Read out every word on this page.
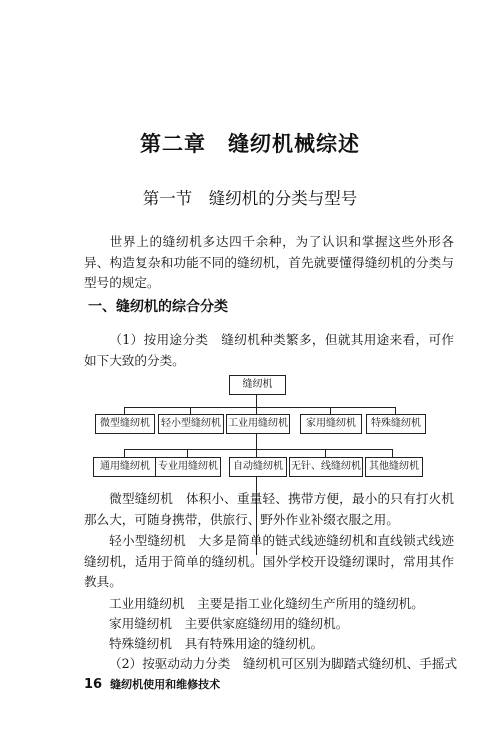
第二章　缝纫机械综述
第一节　缝纫机的分类与型号
世界上的缝纫机多达四千余种，为了认识和掌握这些外形各异、构造复杂和功能不同的缝纫机，首先就要懂得缝纫机的分类与型号的规定。
一、缝纫机的综合分类
（1）按用途分类　缝纫机种类繁多，但就其用途来看，可作如下大致的分类。
缝纫机
微型缝纫机	轻小型缝纫机 工业用缝纫机	家用缝纫机	特殊缝纫机
通用缝纫机 专业用缝纫机	自动缝纫机 无针、线缝纫机 其他缝纫机
微型缝纫机　体积小、重量轻、携带方便，最小的只有打火机那么大，可随身携带，供旅行、野外作业补缀衣服之用。
轻小型缝纫机　大多是简单的链式线迹缝纫机和直线锁式线迹缝纫机，适用于简单的缝纫机。国外学校开设缝纫课时，常用其作教具。
工业用缝纫机　主要是指工业化缝纫生产所用的缝纫机。
家用缝纫机　主要供家庭缝纫用的缝纫机。
特殊缝纫机　具有特殊用途的缝纫机。
（2）按驱动动力分类　缝纫机可区别为脚踏式缝纫机、手摇式
16 缝纫机使用和维修技术
